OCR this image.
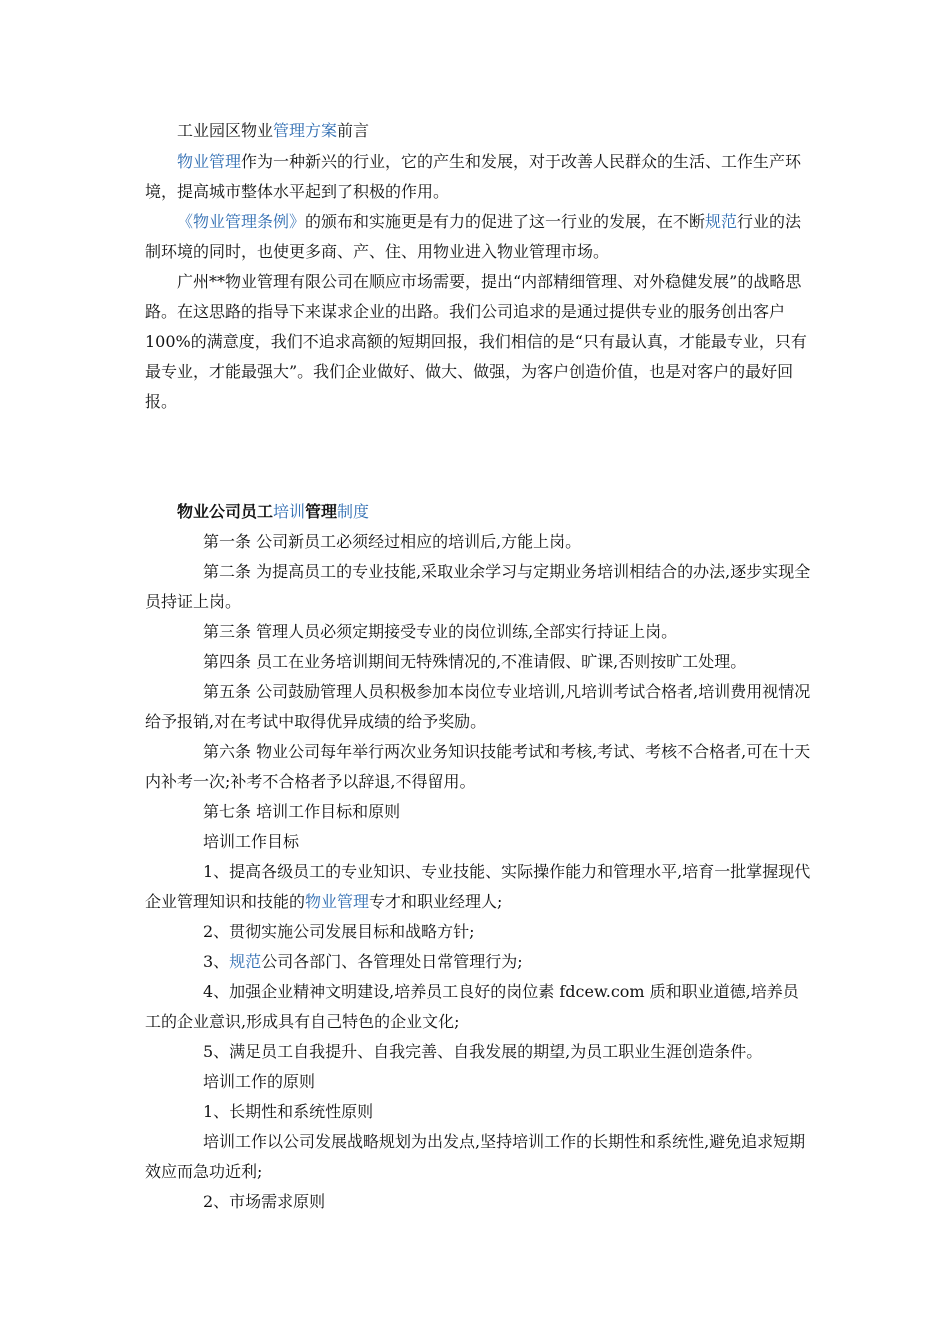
工业园区物业管理方案前言

物业管理作为一种新兴的行业，它的产生和发展，对于改善人民群众的生活、工作生产环境，提高城市整体水平起到了积极的作用。

《物业管理条例》的颁布和实施更是有力的促进了这一行业的发展，在不断规范行业的法制环境的同时，也使更多商、产、住、用物业进入物业管理市场。

广州**物业管理有限公司在顺应市场需要，提出“内部精细管理、对外稳健发展”的战略思路。在这思路的指导下来谋求企业的出路。我们公司追求的是通过提供专业的服务创出客户100%的满意度，我们不追求高额的短期回报，我们相信的是“只有最认真，才能最专业，只有最专业，才能最强大”。我们企业做好、做大、做强，为客户创造价值，也是对客户的最好回报。

物业公司员工培训管理制度

第一条 公司新员工必须经过相应的培训后,方能上岗。

第二条 为提高员工的专业技能,采取业余学习与定期业务培训相结合的办法,逐步实现全员持证上岗。

第三条 管理人员必须定期接受专业的岗位训练,全部实行持证上岗。

第四条 员工在业务培训期间无特殊情况的,不准请假、旷课,否则按旷工处理。

第五条 公司鼓励管理人员积极参加本岗位专业培训,凡培训考试合格者,培训费用视情况给予报销,对在考试中取得优异成绩的给予奖励。

第六条 物业公司每年举行两次业务知识技能考试和考核,考试、考核不合格者,可在十天内补考一次;补考不合格者予以辞退,不得留用。

第七条 培训工作目标和原则

培训工作目标

1、提高各级员工的专业知识、专业技能、实际操作能力和管理水平,培育一批掌握现代企业管理知识和技能的物业管理专才和职业经理人;

2、贯彻实施公司发展目标和战略方针;

3、规范公司各部门、各管理处日常管理行为;

4、加强企业精神文明建设,培养员工良好的岗位素 fdcew.com 质和职业道德,培养员工的企业意识,形成具有自己特色的企业文化;

5、满足员工自我提升、自我完善、自我发展的期望,为员工职业生涯创造条件。

培训工作的原则

1、长期性和系统性原则

培训工作以公司发展战略规划为出发点,坚持培训工作的长期性和系统性,避免追求短期效应而急功近利;

2、市场需求原则
